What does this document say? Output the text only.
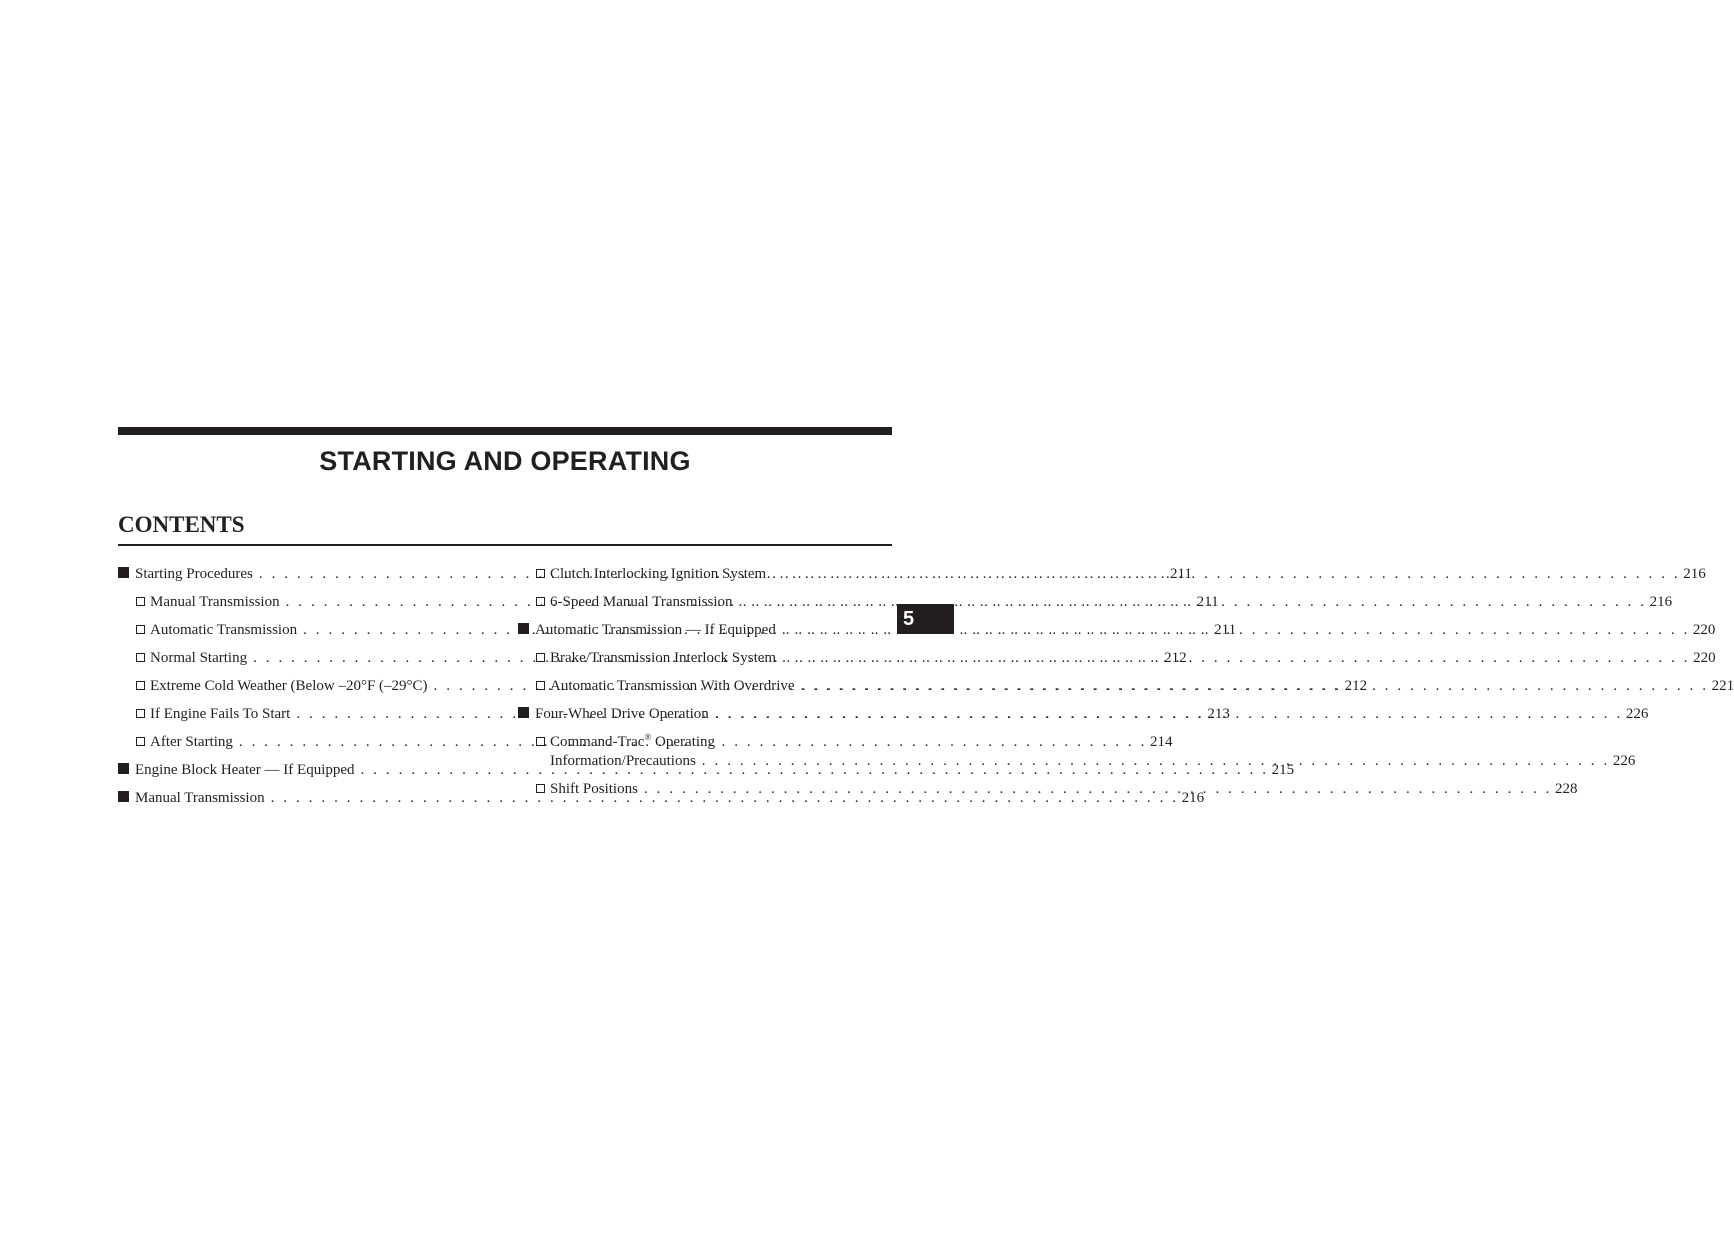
STARTING AND OPERATING
CONTENTS
Starting Procedures . . .	211
Manual Transmission . . .	211
Automatic Transmission . . .	211
Normal Starting . . .	212
Extreme Cold Weather (Below –20°F (–29°C) . . .	212
If Engine Fails To Start . . .	213
After Starting . . .	214
Engine Block Heater — If Equipped . . .	215
Manual Transmission . . .	216
Clutch Interlocking Ignition System . . .	216
6-Speed Manual Transmission . . .	216
Automatic Transmission — If Equipped . . .	220
Brake/Transmission Interlock System . . .	220
Automatic Transmission With Overdrive . . .	221
Four-Wheel Drive Operation . . .	226
Command-Trac® Operating
Information/Precautions . . .	226
Shift Positions . . .	228
5
